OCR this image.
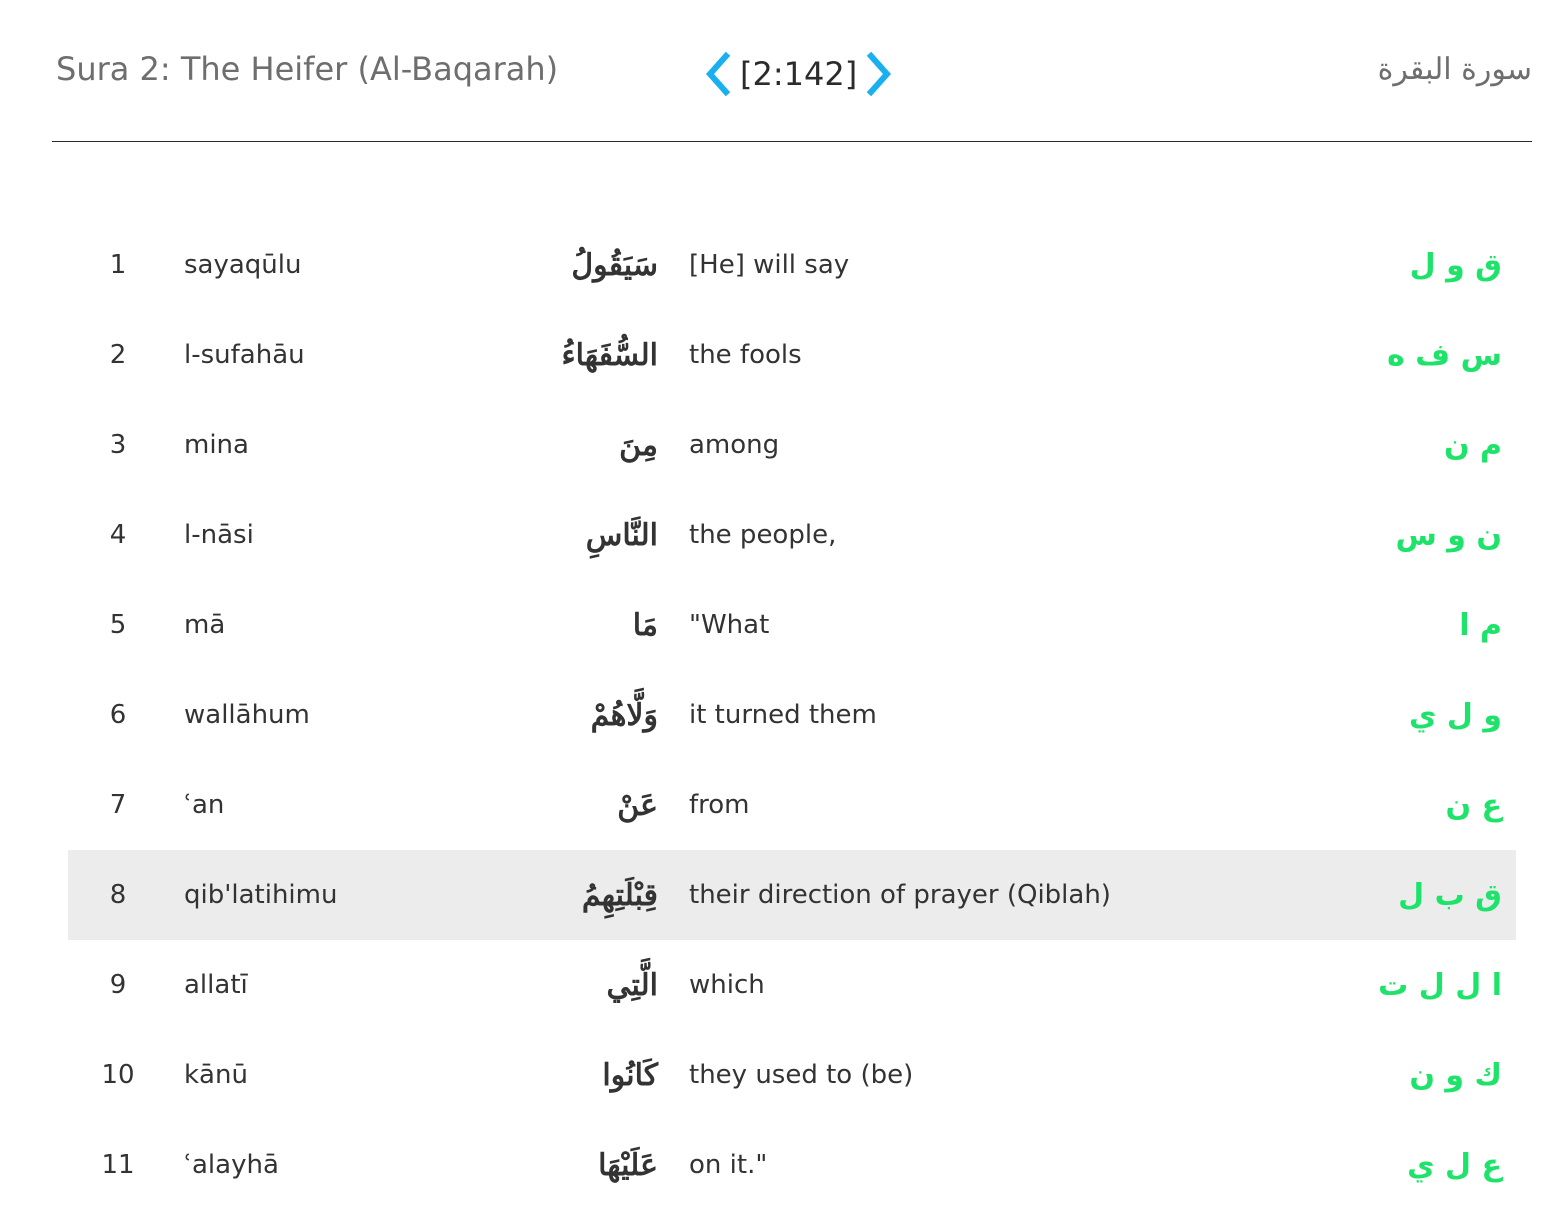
Sura 2: The Heifer (Al-Baqarah)	[2:142]	سورة البقرة
1	sayaqūlu	سَيَقُولُ [He] will say	ق و ل
2	l-sufahāu	السُّفَهَاءُ the fools	س ف ه
3	mina	مِنَ among	م ن
4	l-nāsi	النَّاسِ the people,	ن و س
5	mā	مَا "What	م ا
6	wallāhum	وَلَّاهُمْ it turned them	و ل ي
7	ʿan	عَنْ from	ع ن
8	qib'latihimu	قِبْلَتِهِمُ their direction of prayer (Qiblah)	ق ب ل
9	allatī	الَّتِي which	ا ل ل ت
10	kānū	كَانُوا they used to (be)	ك و ن
11	ʿalayhā	عَلَيْهَا on it."	ع ل ي
